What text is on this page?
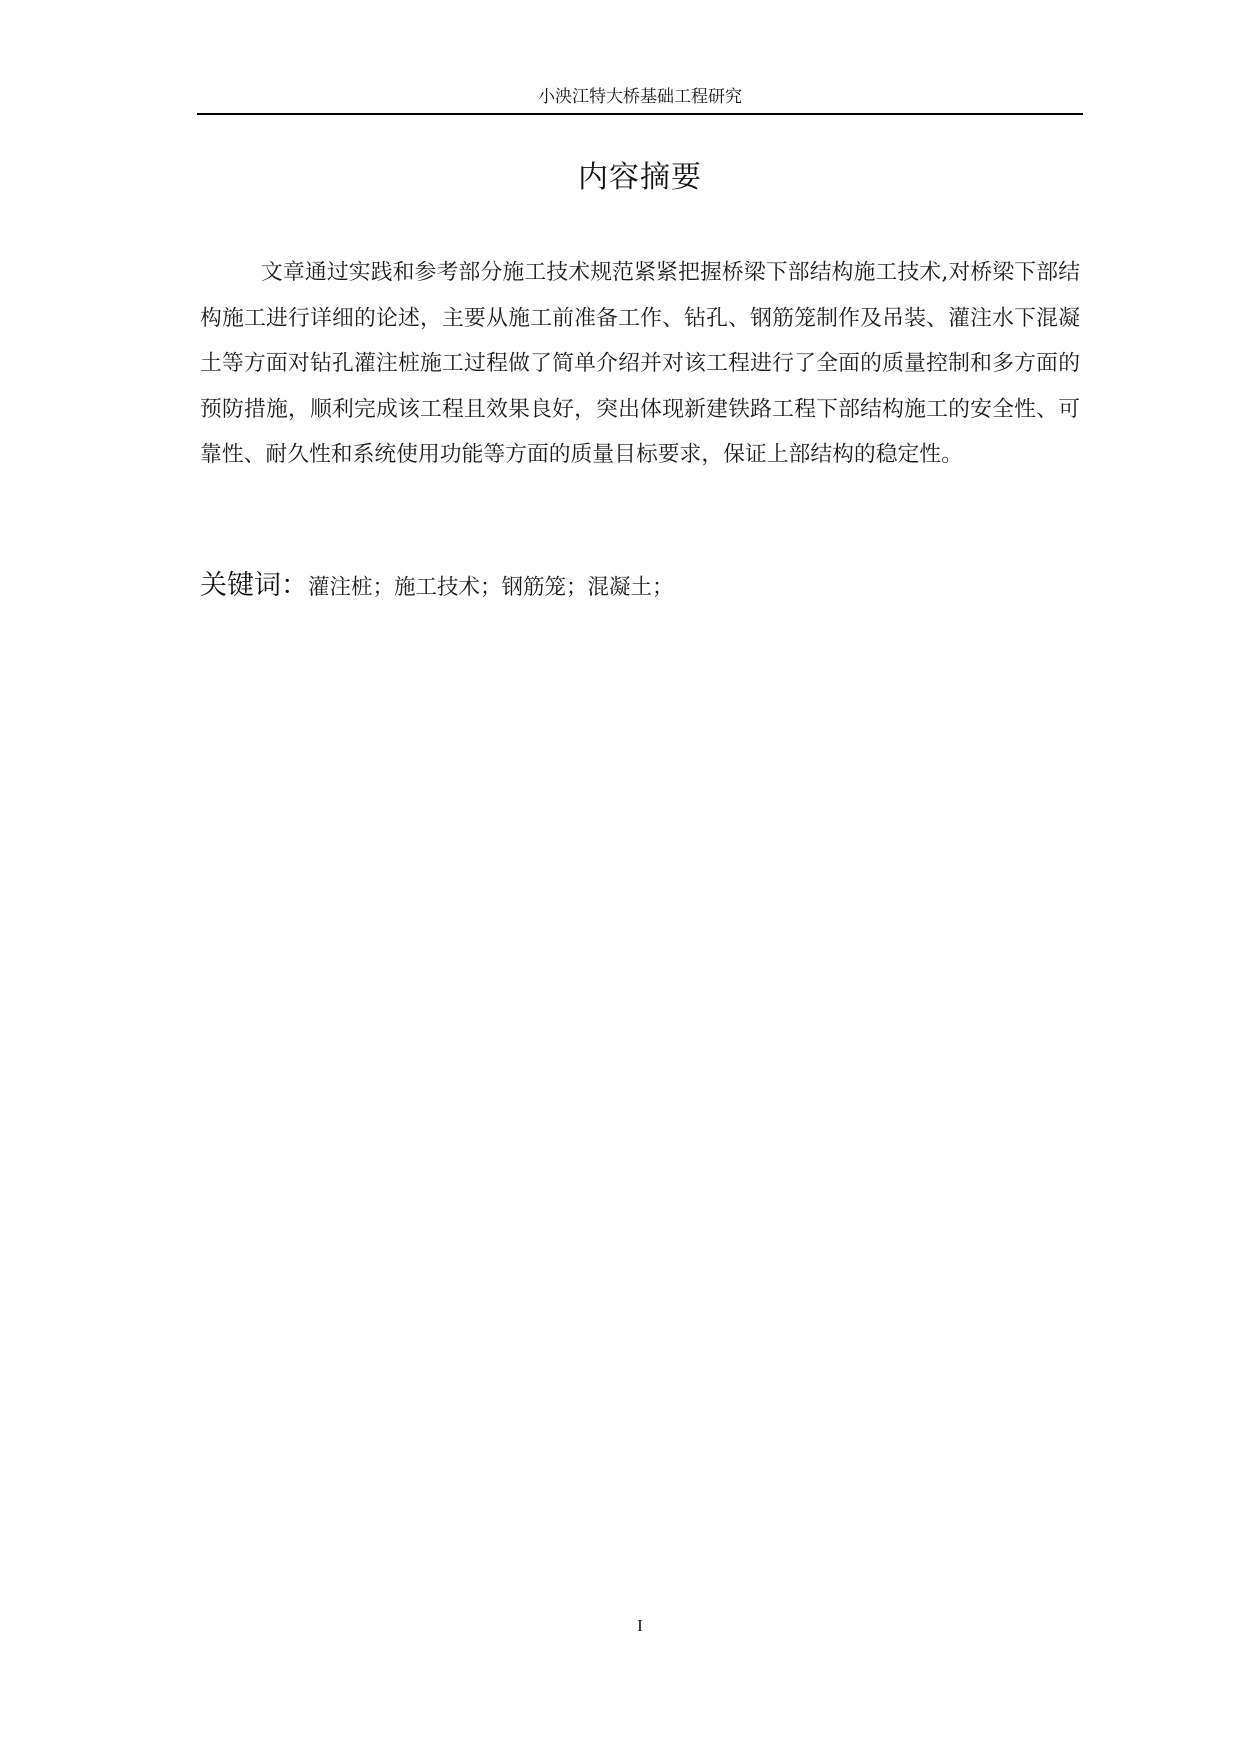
小泱江特大桥基础工程研究
内容摘要

文章通过实践和参考部分施工技术规范紧紧把握桥梁下部结构施工技术,对桥梁下部结构施工进行详细的论述，主要从施工前准备工作、钻孔、钢筋笼制作及吊装、灌注水下混凝土等方面对钻孔灌注桩施工过程做了简单介绍并对该工程进行了全面的质量控制和多方面的预防措施，顺利完成该工程且效果良好，突出体现新建铁路工程下部结构施工的安全性、可靠性、耐久性和系统使用功能等方面的质量目标要求，保证上部结构的稳定性。

关键词：灌注桩；施工技术；钢筋笼；混凝土；
I
